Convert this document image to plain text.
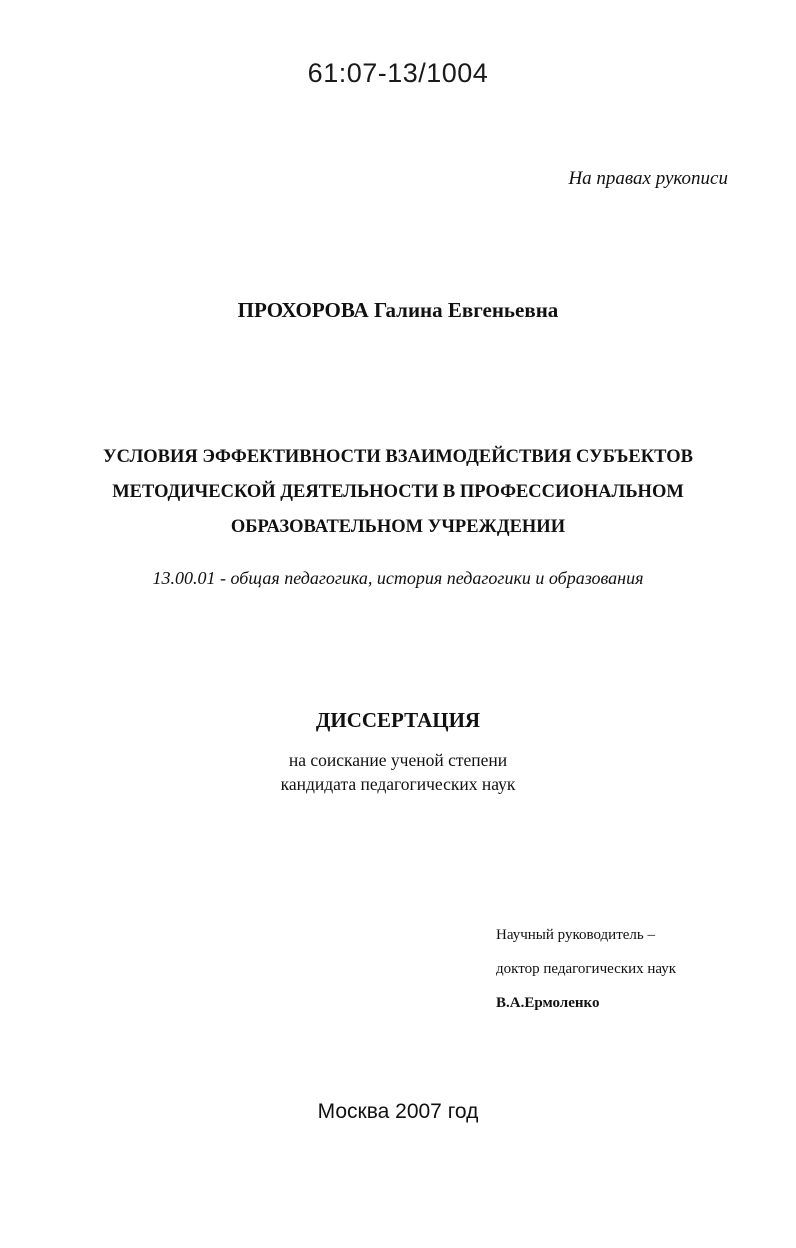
61:07-13/1004
На правах рукописи
ПРОХОРОВА Галина Евгеньевна
УСЛОВИЯ ЭФФЕКТИВНОСТИ ВЗАИМОДЕЙСТВИЯ СУБЪЕКТОВ
МЕТОДИЧЕСКОЙ ДЕЯТЕЛЬНОСТИ В ПРОФЕССИОНАЛЬНОМ
ОБРАЗОВАТЕЛЬНОМ УЧРЕЖДЕНИИ
13.00.01 - общая педагогика, история педагогики и образования
ДИССЕРТАЦИЯ
на соискание ученой степени
кандидата педагогических наук
Научный руководитель –
доктор педагогических наук
В.А.Ермоленко
Москва 2007 год
